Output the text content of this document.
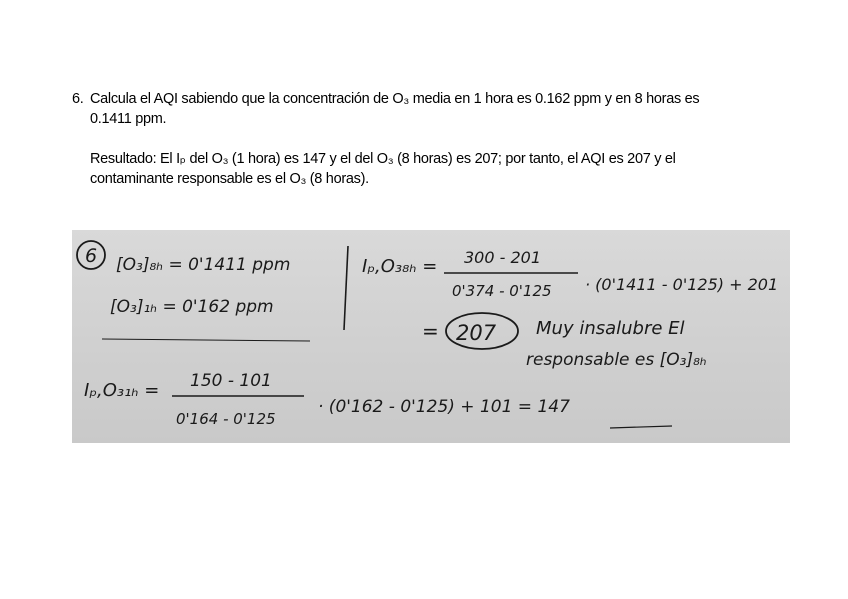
6. Calcula el AQI sabiendo que la concentración de O₃ media en 1 hora es 0.162 ppm y en 8 horas es

0.1411 ppm.

Resultado: El Iₚ del O₃ (1 hora) es 147 y el del O₃ (8 horas) es 207; por tanto, el AQI es 207 y el

contaminante responsable es el O₃ (8 horas).

6 [O₃]₈ₕ = 0'1411 ppm
[O₃]₁ₕ = 0'162 ppm
Iₚ,O₃₈ₕ = 300 - 201
0'374 - 0'125 · (0'1411 - 0'125) + 201
= 207 Muy insalubre El
responsable es [O₃]₈ₕ
Iₚ,O₃₁ₕ = 150 - 101
0'164 - 0'125
· (0'162 - 0'125) + 101 = 147
